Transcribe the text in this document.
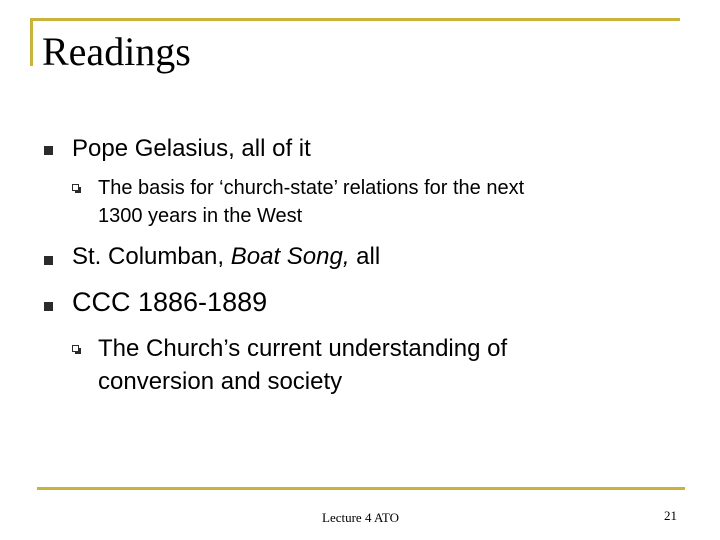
Readings
Pope Gelasius, all of it
The basis for ‘church-state’ relations for the next
1300 years in the West
St. Columban, Boat Song, all
CCC 1886-1889
The Church’s current understanding of
conversion and society
Lecture 4 ATO	21
